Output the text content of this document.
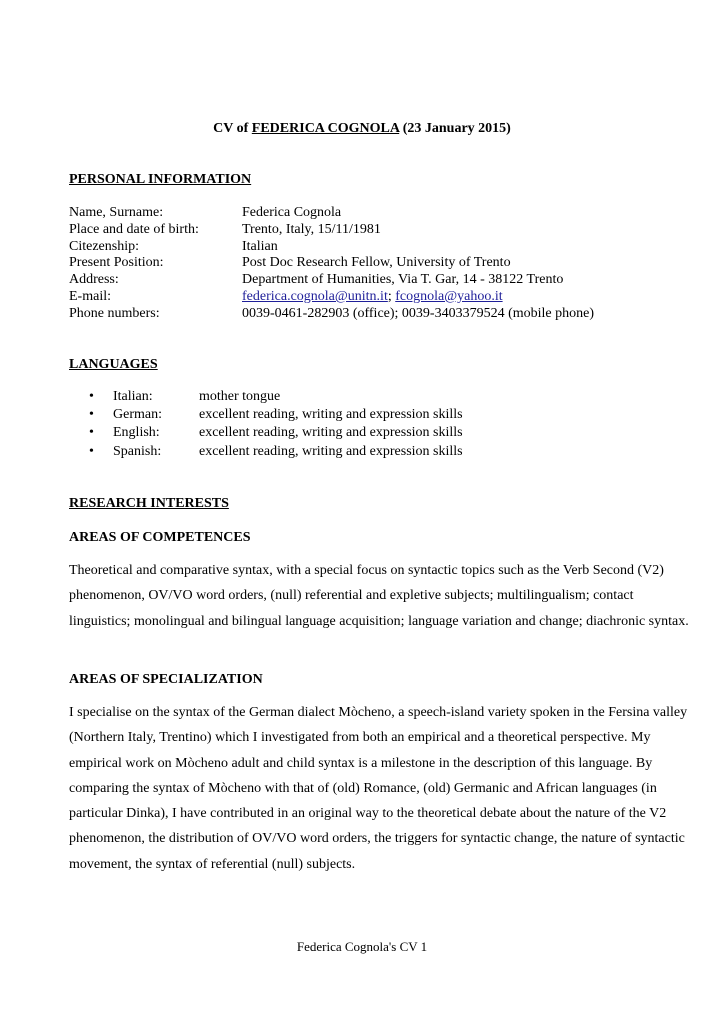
CV of FEDERICA COGNOLA (23 January 2015)
PERSONAL INFORMATION
Name, Surname:	Federica Cognola
Place and date of birth:	Trento, Italy, 15/11/1981
Citezenship:	Italian
Present Position:	Post Doc Research Fellow, University of Trento
Address:	Department of Humanities, Via T. Gar, 14 - 38122 Trento
E-mail:	federica.cognola@unitn.it; fcognola@yahoo.it
Phone numbers:	0039-0461-282903 (office); 0039-3403379524 (mobile phone)
LANGUAGES
•	Italian:	mother tongue
•	German:	excellent reading, writing and expression skills
•	English:	excellent reading, writing and expression skills
•	Spanish:	excellent reading, writing and expression skills
RESEARCH INTERESTS
AREAS OF COMPETENCES
Theoretical and comparative syntax, with a special focus on syntactic topics such as the Verb Second (V2) phenomenon, OV/VO word orders, (null) referential and expletive subjects; multilingualism; contact linguistics; monolingual and bilingual language acquisition; language variation and change; diachronic syntax.
AREAS OF SPECIALIZATION
I specialise on the syntax of the German dialect Mòcheno, a speech-island variety spoken in the Fersina valley (Northern Italy, Trentino) which I investigated from both an empirical and a theoretical perspective. My empirical work on Mòcheno adult and child syntax is a milestone in the description of this language. By comparing the syntax of Mòcheno with that of (old) Romance, (old) Germanic and African languages (in particular Dinka), I have contributed in an original way to the theoretical debate about the nature of the V2 phenomenon, the distribution of OV/VO word orders, the triggers for syntactic change, the nature of syntactic movement, the syntax of referential (null) subjects.
Federica Cognola's CV 1
